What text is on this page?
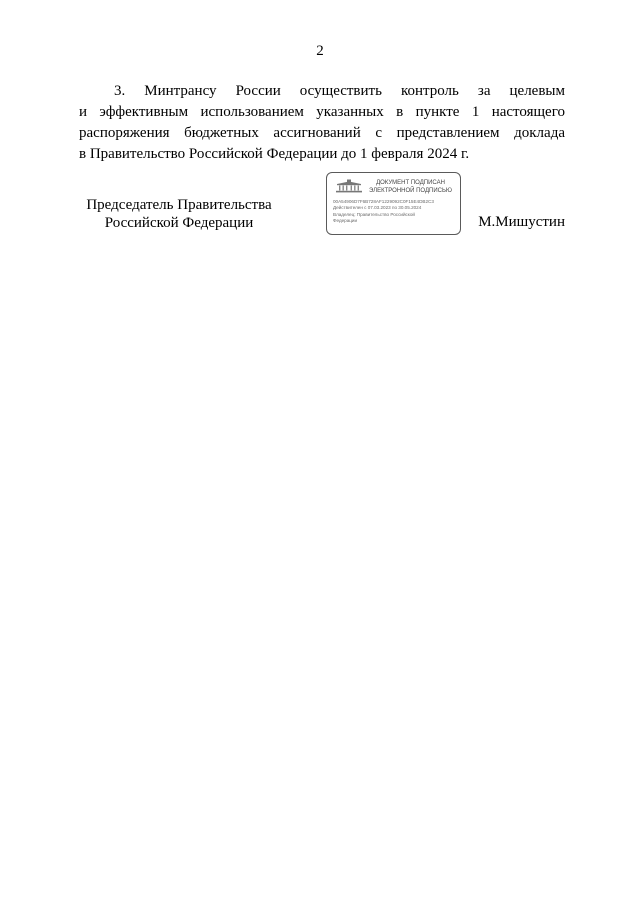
2
3. Минтрансу России осуществить контроль за целевым
и эффективным использованием указанных в пункте 1 настоящего
распоряжения бюджетных ассигнований с представлением доклада
в Правительство Российской Федерации до 1 февраля 2024 г.
Председатель Правительства
Российской Федерации
ДОКУМЕНТ ПОДПИСАН
ЭЛЕКТРОННОЙ ПОДПИСЬЮ
00A54906D7F6B728AF1229092C0F15E4DB2C3
Действителен с 07.03.2023 по 30.05.2024
Владелец: Правительство Российской
Федерации	М.Мишустин
